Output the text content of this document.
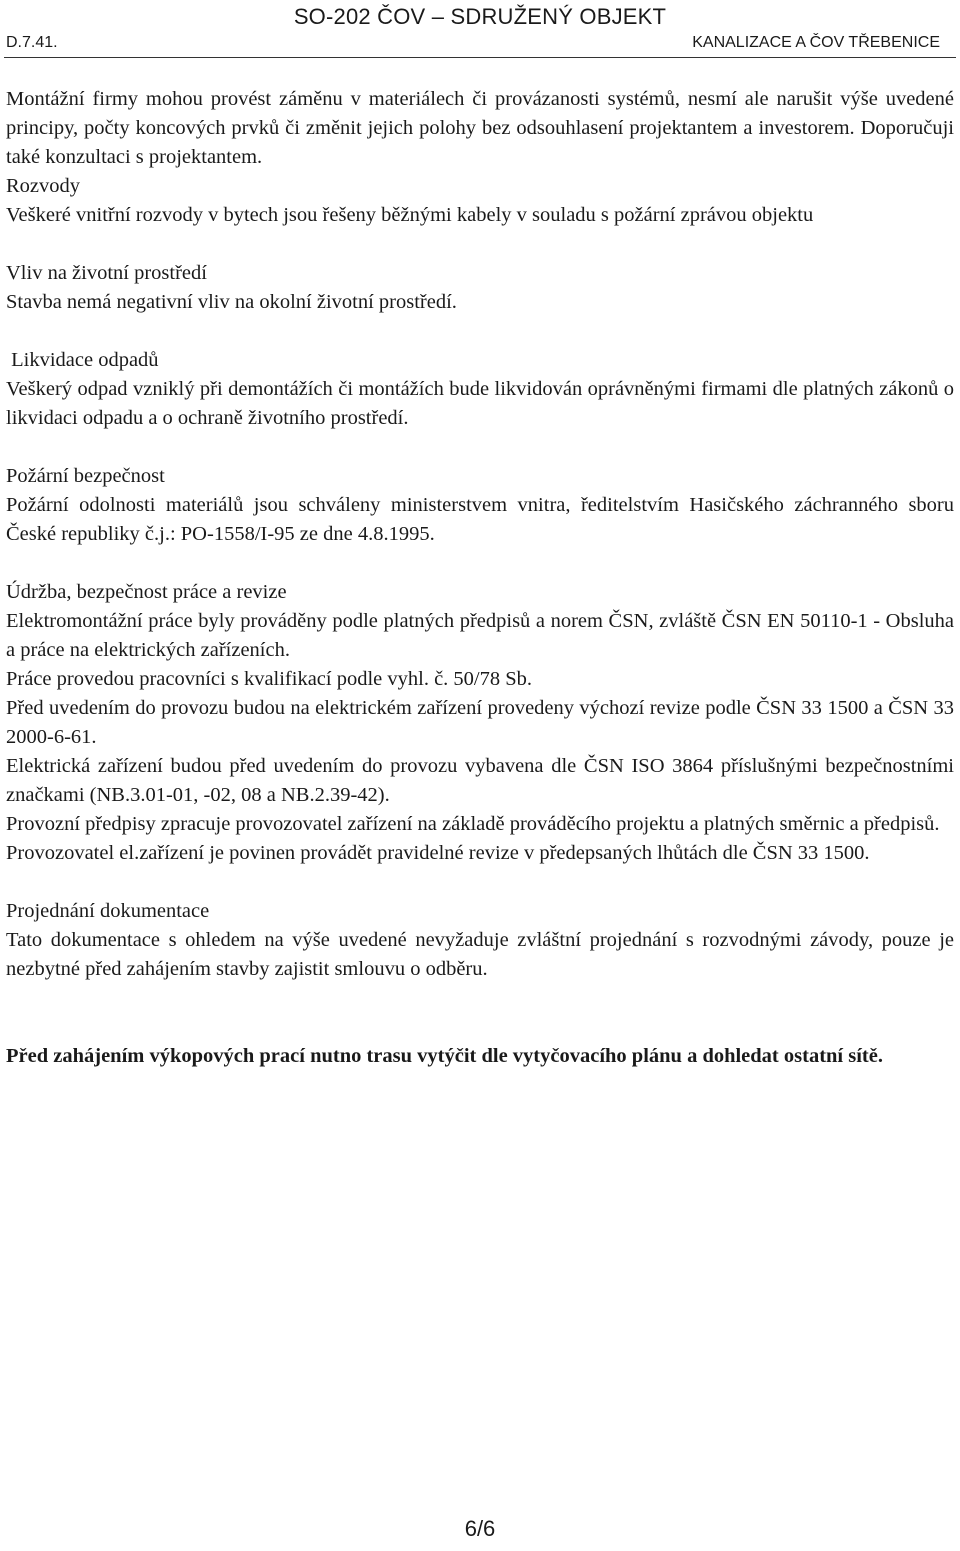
SO-202 ČOV – SDRUŽENÝ OBJEKT
D.7.41.	KANALIZACE A ČOV TŘEBENICE

Montážní firmy mohou provést záměnu v materiálech či provázanosti systémů, nesmí ale narušit výše uvedené principy, počty koncových prvků či změnit jejich polohy bez odsouhlasení projektantem a investorem. Doporučuji také konzultaci s projektantem.

Rozvody

Veškeré vnitřní rozvody v bytech jsou řešeny běžnými kabely v souladu s požární zprávou objektu

Vliv na životní prostředí

Stavba nemá negativní vliv na okolní životní prostředí.

Likvidace odpadů

Veškerý odpad vzniklý při demontážích či montážích bude likvidován oprávněnými firmami dle platných zákonů o likvidaci odpadu a o ochraně životního prostředí.

Požární bezpečnost

Požární odolnosti materiálů jsou schváleny ministerstvem vnitra, ředitelstvím Hasičského záchranného sboru České republiky č.j.: PO-1558/I-95 ze dne 4.8.1995.

Údržba, bezpečnost práce a revize

Elektromontážní práce byly prováděny podle platných předpisů a norem ČSN, zvláště ČSN EN 50110-1 - Obsluha a práce na elektrických zařízeních.

Práce provedou pracovníci s kvalifikací podle vyhl. č. 50/78 Sb.

Před uvedením do provozu budou na elektrickém zařízení provedeny výchozí revize podle ČSN 33 1500 a ČSN 33 2000-6-61.

Elektrická zařízení budou před uvedením do provozu vybavena dle ČSN ISO 3864 příslušnými bezpečnostními značkami (NB.3.01-01, -02, 08 a NB.2.39-42).

Provozní předpisy zpracuje provozovatel zařízení na základě prováděcího projektu a platných směrnic a předpisů.

Provozovatel el.zařízení je povinen provádět pravidelné revize v předepsaných lhůtách dle ČSN 33 1500.

Projednání dokumentace

Tato dokumentace s ohledem na výše uvedené nevyžaduje zvláštní projednání s rozvodnými závody, pouze je nezbytné před zahájením stavby zajistit smlouvu o odběru.

Před zahájením výkopových prací nutno trasu vytýčit dle vytyčovacího plánu a dohledat ostatní sítě.

6/6
